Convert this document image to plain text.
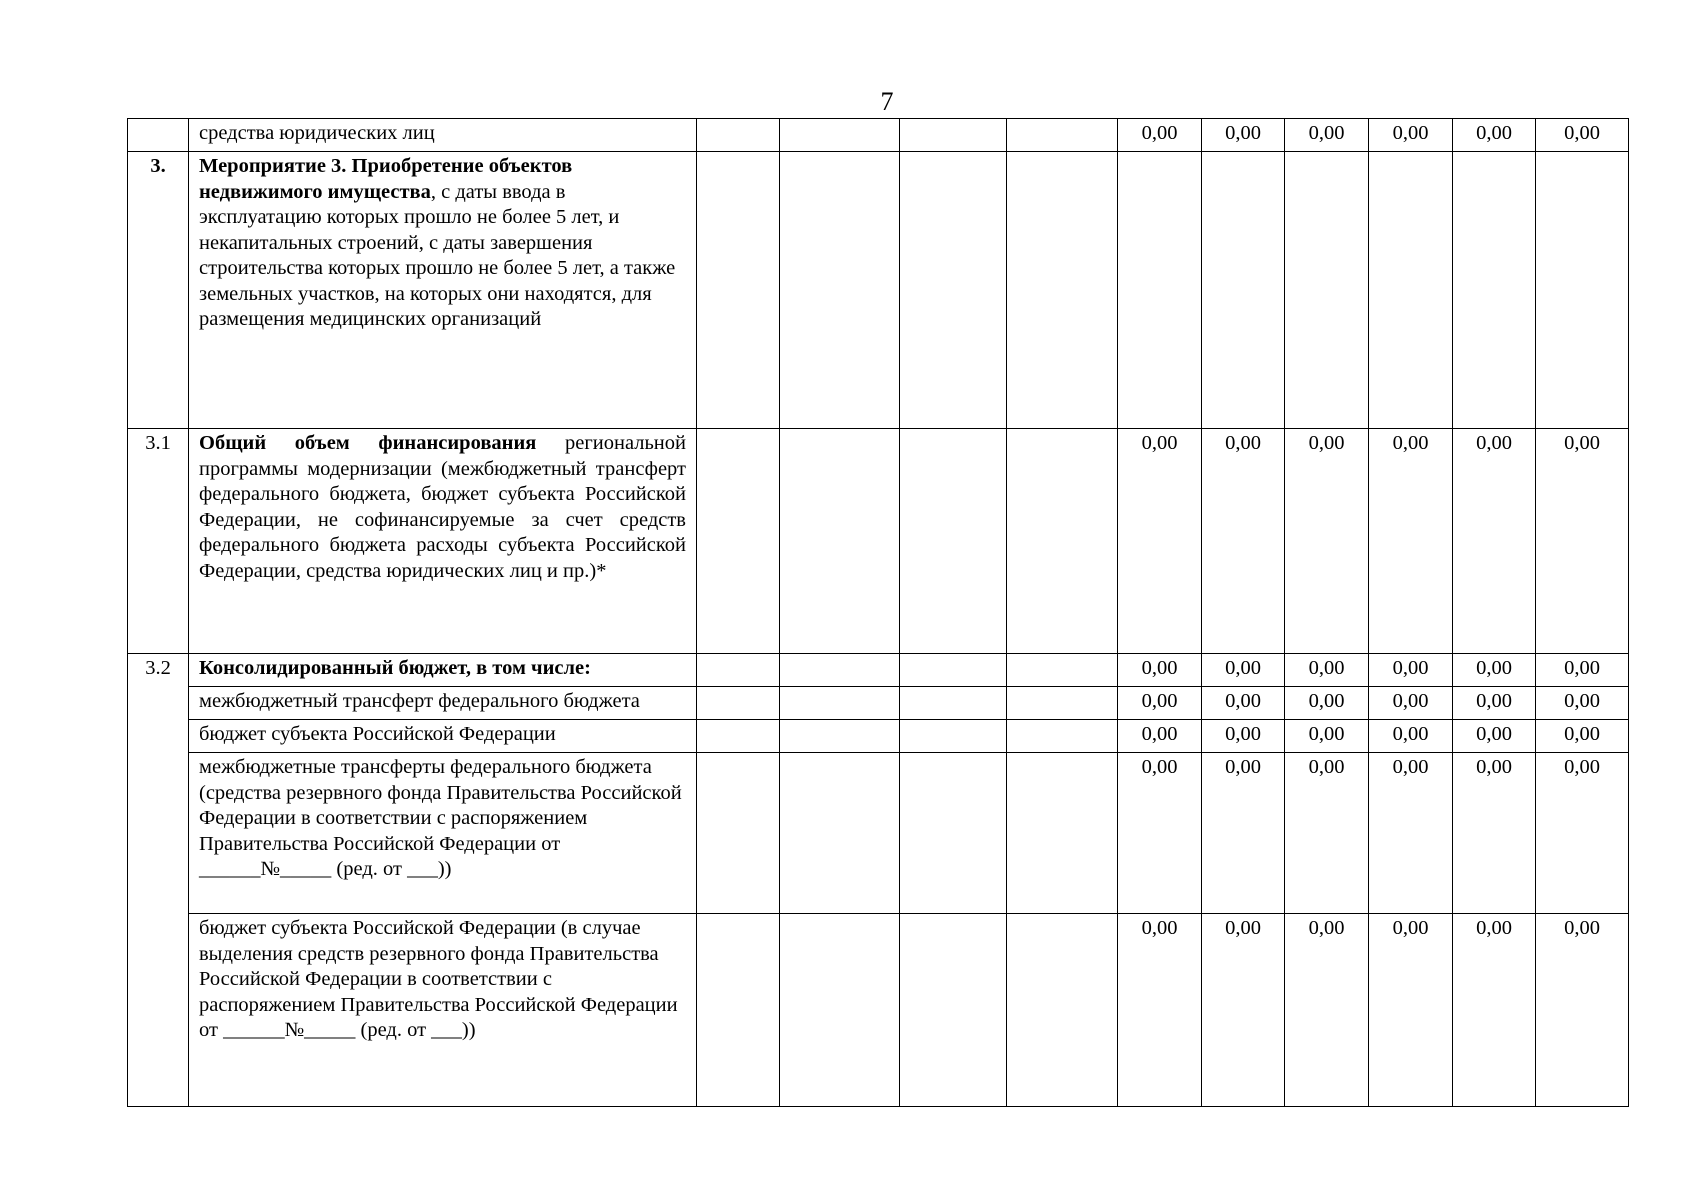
7
	средства юридических лиц					0,00	0,00	0,00	0,00	0,00	0,00
3.	Мероприятие 3. Приобретение объектов недвижимого имущества, с даты ввода в эксплуатацию которых прошло не более 5 лет, и некапитальных строений, с даты завершения строительства которых прошло не более 5 лет, а также земельных участков, на которых они находятся, для размещения медицинских организаций										
3.1	Общий объем финансирования региональной программы модернизации (межбюджетный трансферт федерального бюджета, бюджет субъекта Российской Федерации, не софинансируемые за счет средств федерального бюджета расходы субъекта Российской Федерации, средства юридических лиц и пр.)*					0,00	0,00	0,00	0,00	0,00	0,00
3.2	Консолидированный бюджет, в том числе:					0,00	0,00	0,00	0,00	0,00	0,00
	межбюджетный трансферт федерального бюджета					0,00	0,00	0,00	0,00	0,00	0,00
	бюджет субъекта Российской Федерации					0,00	0,00	0,00	0,00	0,00	0,00
	межбюджетные трансферты федерального бюджета (средства резервного фонда Правительства Российской Федерации в соответствии с распоряжением Правительства Российской Федерации от ______№_____ (ред. от ___))					0,00	0,00	0,00	0,00	0,00	0,00
	бюджет субъекта Российской Федерации (в случае выделения средств резервного фонда Правительства Российской Федерации в соответствии с распоряжением Правительства Российской Федерации от ______№_____ (ред. от ___))					0,00	0,00	0,00	0,00	0,00	0,00
